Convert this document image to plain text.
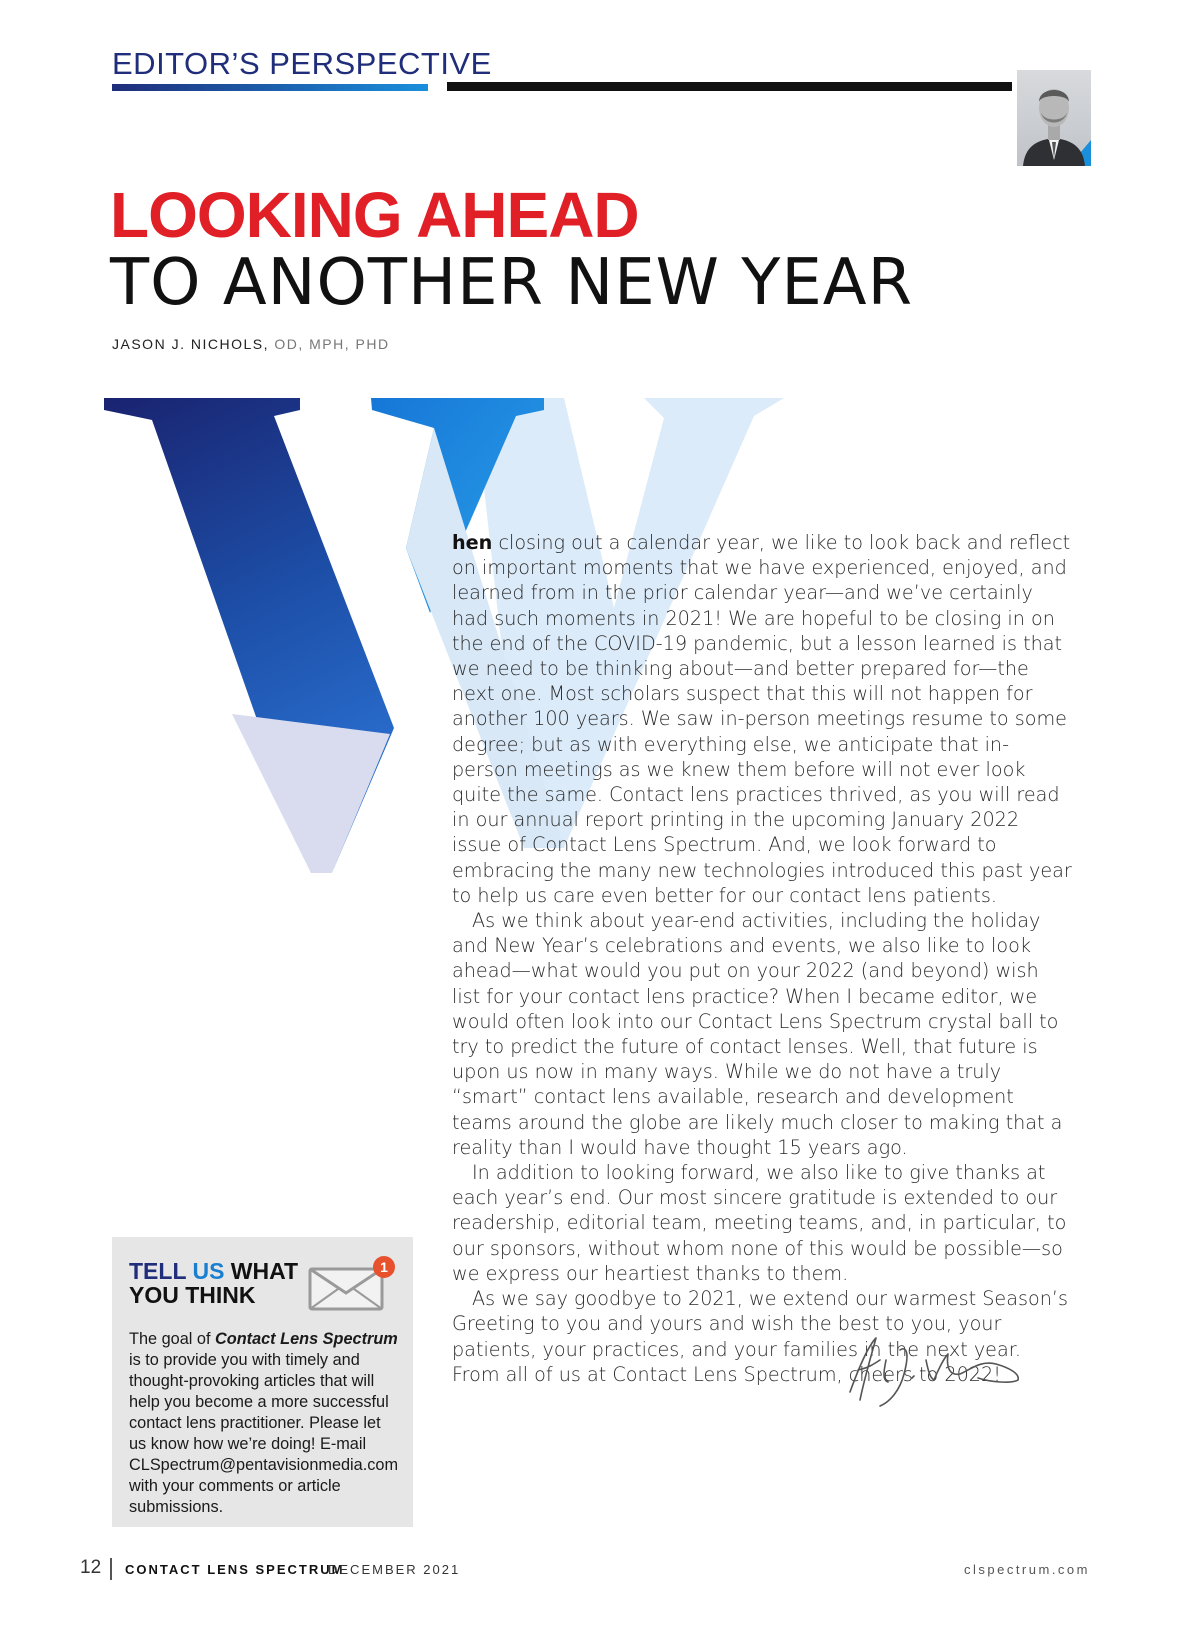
EDITOR’S PERSPECTIVE
LOOKING AHEAD
TO ANOTHER NEW YEAR
JASON J. NICHOLS, OD, MPH, PHD

hen closing out a calendar year, we like to look back and reflect on important moments that we have experienced, enjoyed, and learned from in the prior calendar year—and we’ve certainly had such moments in 2021! We are hopeful to be closing in on the end of the COVID-19 pandemic, but a lesson learned is that we need to be thinking about—and better prepared for—the next one. Most scholars suspect that this will not happen for another 100 years. We saw in-person meetings resume to some degree; but as with everything else, we anticipate that in-person meetings as we knew them before will not ever look quite the same. Contact lens practices thrived, as you will read in our annual report printing in the upcoming January 2022 issue of Contact Lens Spectrum. And, we look forward to embracing the many new technologies introduced this past year to help us care even better for our contact lens patients.

As we think about year-end activities, including the holiday and New Year’s celebrations and events, we also like to look ahead—what would you put on your 2022 (and beyond) wish list for your contact lens practice? When I became editor, we would often look into our Contact Lens Spectrum crystal ball to try to predict the future of contact lenses. Well, that future is upon us now in many ways. While we do not have a truly “smart” contact lens available, research and development teams around the globe are likely much closer to making that a reality than I would have thought 15 years ago.

In addition to looking forward, we also like to give thanks at each year’s end. Our most sincere gratitude is extended to our readership, editorial team, meeting teams, and, in particular, to our sponsors, without whom none of this would be possible—so we express our heartiest thanks to them.

As we say goodbye to 2021, we extend our warmest Season’s Greeting to you and yours and wish the best to you, your patients, your practices, and your families in the next year. From all of us at Contact Lens Spectrum, cheers to 2022!

TELL US WHAT
YOU THINK
1
The goal of Contact Lens Spectrum is to provide you with timely and thought-provoking articles that will help you become a more successful contact lens practitioner. Please let us know how we’re doing! E-mail CLSpectrum@pentavisionmedia.com with your comments or article submissions.
12 CONTACT LENS SPECTRUM
DECEMBER 2021	clspectrum.com
